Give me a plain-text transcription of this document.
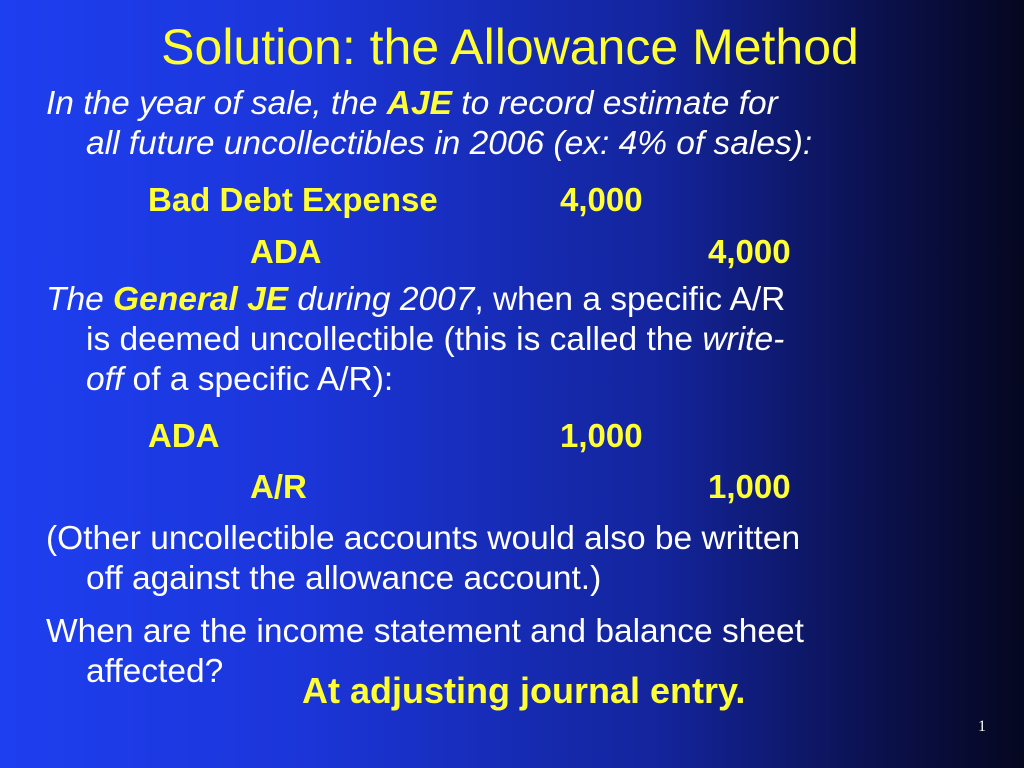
Solution: the Allowance Method
In the year of sale, the AJE to record estimate for
all future uncollectibles in 2006 (ex: 4% of sales):
Bad Debt Expense	4,000
ADA	4,000
The General JE during 2007, when a specific A/R
is deemed uncollectible (this is called the write-
off of a specific A/R):
ADA	1,000
A/R	1,000
(Other uncollectible accounts would also be written
off against the allowance account.)
When are the income statement and balance sheet
affected?	At adjusting journal entry.
1
